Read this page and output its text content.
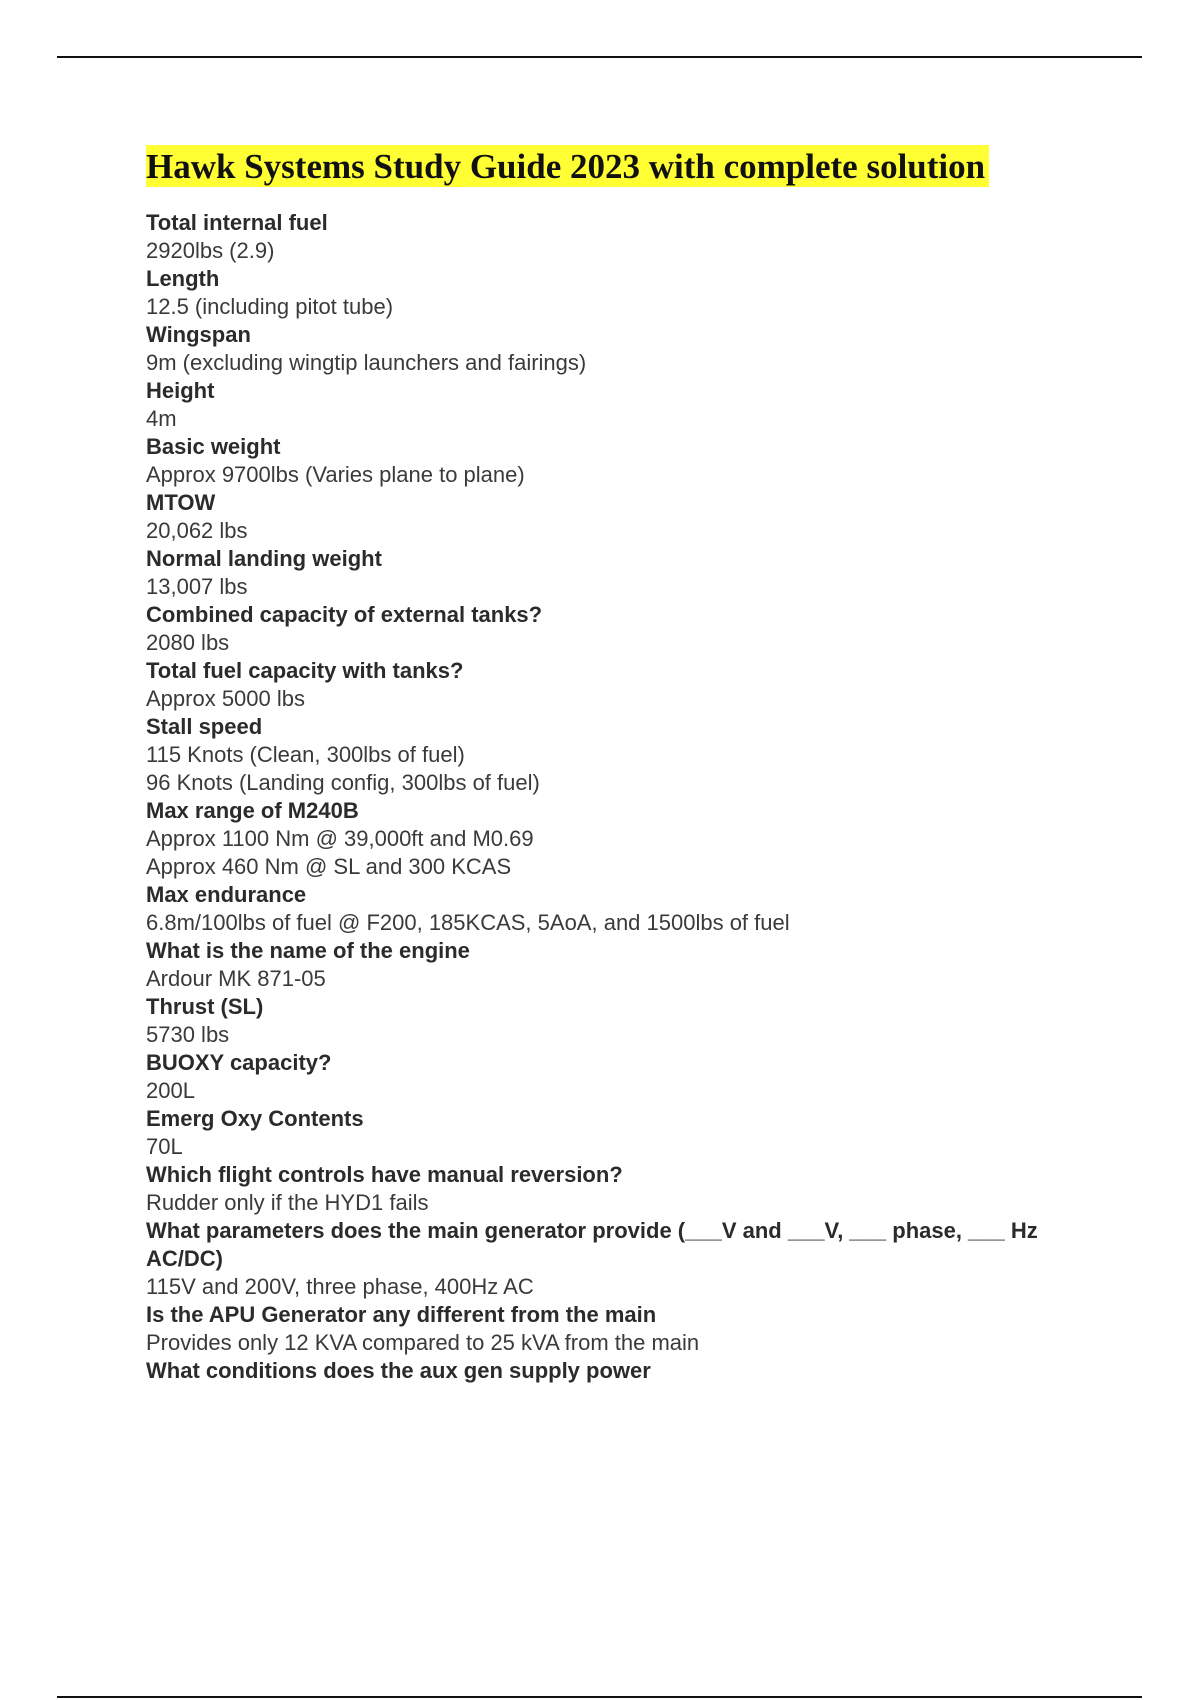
Hawk Systems Study Guide 2023 with complete solution
Total internal fuel
2920lbs (2.9)
Length
12.5 (including pitot tube)
Wingspan
9m (excluding wingtip launchers and fairings)
Height
4m
Basic weight
Approx 9700lbs (Varies plane to plane)
MTOW
20,062 lbs
Normal landing weight
13,007 lbs
Combined capacity of external tanks?
2080 lbs
Total fuel capacity with tanks?
Approx 5000 lbs
Stall speed
115 Knots (Clean, 300lbs of fuel)
96 Knots (Landing config, 300lbs of fuel)
Max range of M240B
Approx 1100 Nm @ 39,000ft and M0.69
Approx 460 Nm @ SL and 300 KCAS
Max endurance
6.8m/100lbs of fuel @ F200, 185KCAS, 5AoA, and 1500lbs of fuel
What is the name of the engine
Ardour MK 871-05
Thrust (SL)
5730 lbs
BUOXY capacity?
200L
Emerg Oxy Contents
70L
Which flight controls have manual reversion?
Rudder only if the HYD1 fails
What parameters does the main generator provide (___V and ___V, ___ phase, ___ Hz AC/DC)
115V and 200V, three phase, 400Hz AC
Is the APU Generator any different from the main
Provides only 12 KVA compared to 25 kVA from the main
What conditions does the aux gen supply power
